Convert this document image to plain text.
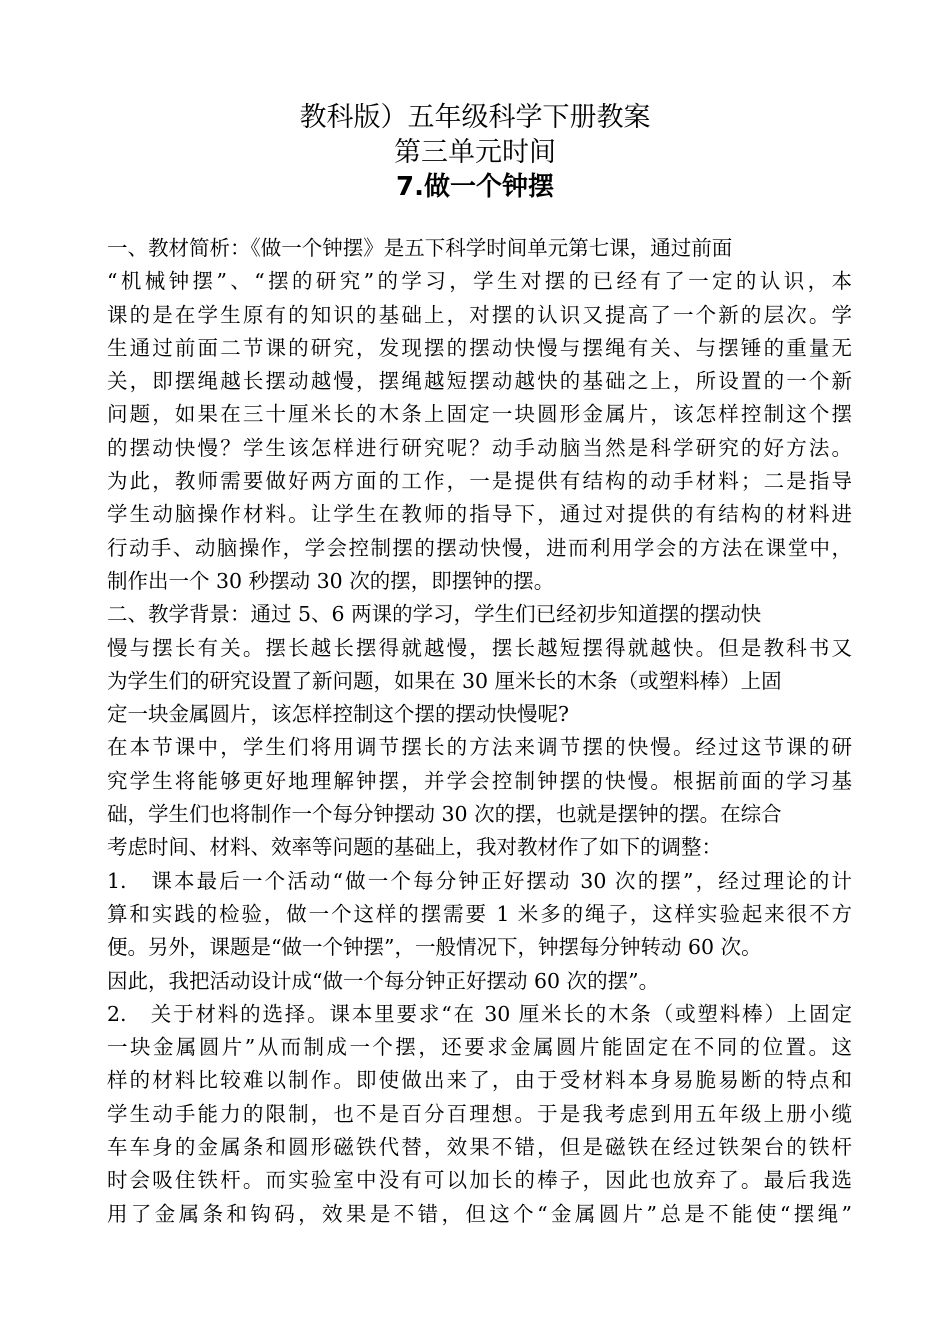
教科版）五年级科学下册教案

第三单元时间

7.做一个钟摆

一、教材简析：《做一个钟摆》是五下科学时间单元第七课，通过前面

“机械钟摆”、“摆的研究”的学习，学生对摆的已经有了一定的认识，本

课的是在学生原有的知识的基础上，对摆的认识又提高了一个新的层次。学

生通过前面二节课的研究，发现摆的摆动快慢与摆绳有关、与摆锤的重量无

关，即摆绳越长摆动越慢，摆绳越短摆动越快的基础之上，所设置的一个新

问题，如果在三十厘米长的木条上固定一块圆形金属片，该怎样控制这个摆

的摆动快慢？学生该怎样进行研究呢？动手动脑当然是科学研究的好方法。

为此，教师需要做好两方面的工作，一是提供有结构的动手材料；二是指导

学生动脑操作材料。让学生在教师的指导下，通过对提供的有结构的材料进

行动手、动脑操作，学会控制摆的摆动快慢，进而利用学会的方法在课堂中，

制作出一个 30 秒摆动 30 次的摆，即摆钟的摆。

二、教学背景：通过 5、6 两课的学习，学生们已经初步知道摆的摆动快

慢与摆长有关。摆长越长摆得就越慢，摆长越短摆得就越快。但是教科书又

为学生们的研究设置了新问题，如果在 30 厘米长的木条（或塑料棒）上固

定一块金属圆片，该怎样控制这个摆的摆动快慢呢?

在本节课中，学生们将用调节摆长的方法来调节摆的快慢。经过这节课的研

究学生将能够更好地理解钟摆，并学会控制钟摆的快慢。根据前面的学习基

础，学生们也将制作一个每分钟摆动 30 次的摆，也就是摆钟的摆。在综合

考虑时间、材料、效率等问题的基础上，我对教材作了如下的调整：

1.　课本最后一个活动“做一个每分钟正好摆动 30 次的摆”，经过理论的计

算和实践的检验，做一个这样的摆需要 1 米多的绳子，这样实验起来很不方

便。另外，课题是“做一个钟摆”，一般情况下，钟摆每分钟转动 60 次。

因此，我把活动设计成“做一个每分钟正好摆动 60 次的摆”。

2.　关于材料的选择。课本里要求“在 30 厘米长的木条（或塑料棒）上固定

一块金属圆片”从而制成一个摆，还要求金属圆片能固定在不同的位置。这

样的材料比较难以制作。即使做出来了，由于受材料本身易脆易断的特点和

学生动手能力的限制，也不是百分百理想。于是我考虑到用五年级上册小缆

车车身的金属条和圆形磁铁代替，效果不错，但是磁铁在经过铁架台的铁杆

时会吸住铁杆。而实验室中没有可以加长的棒子，因此也放弃了。最后我选

用了金属条和钩码，效果是不错，但这个“金属圆片”总是不能使“摆绳”
